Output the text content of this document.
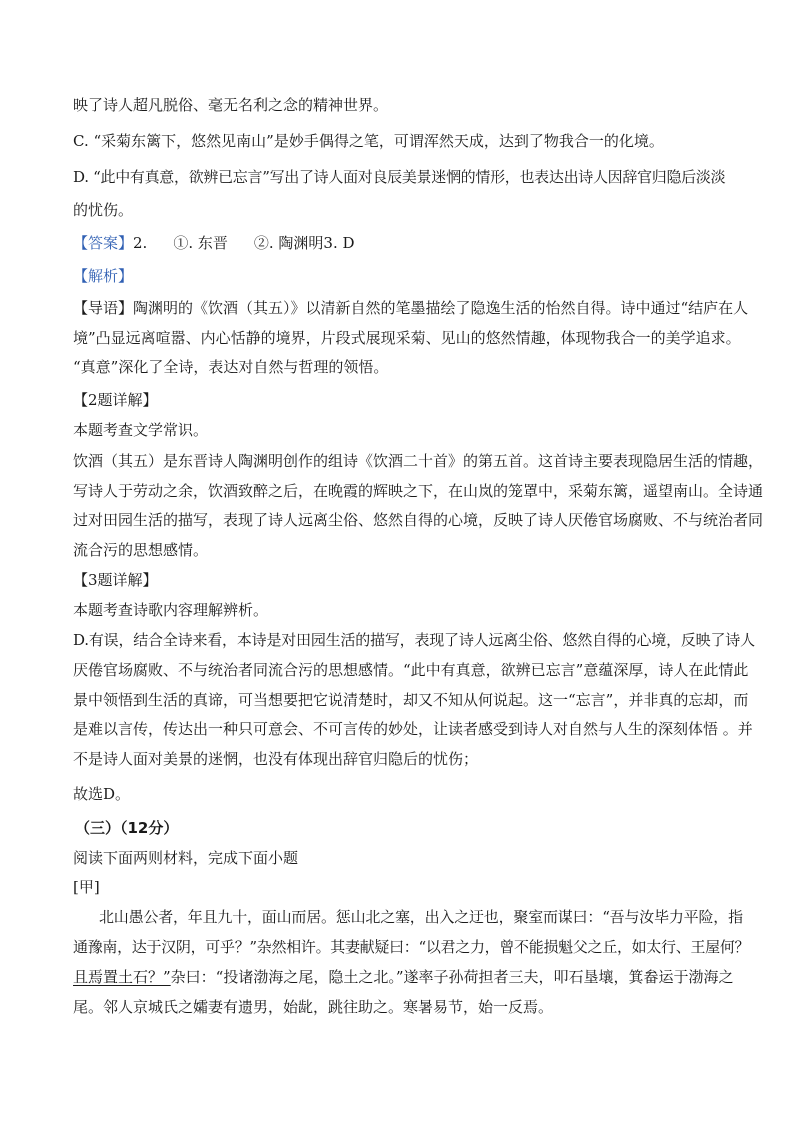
映了诗人超凡脱俗、毫无名利之念的精神世界。
C. “采菊东篱下，悠然见南山”是妙手偶得之笔，可谓浑然天成，达到了物我合一的化境。
D. “此中有真意，欲辨已忘言”写出了诗人面对良辰美景迷惘的情形，也表达出诗人因辞官归隐后淡淡
的忧伤。
【答案】2. ①. 东晋 ②. 陶渊明3. D
【解析】
【导语】陶渊明的《饮酒（其五）》以清新自然的笔墨描绘了隐逸生活的怡然自得。诗中通过“结庐在人
境”凸显远离喧嚣、内心恬静的境界，片段式展现采菊、见山的悠然情趣，体现物我合一的美学追求。
“真意”深化了全诗，表达对自然与哲理的领悟。
【2题详解】
本题考查文学常识。
饮酒（其五）是东晋诗人陶渊明创作的组诗《饮酒二十首》的第五首。这首诗主要表现隐居生活的情趣，
写诗人于劳动之余，饮酒致醉之后，在晚霞的辉映之下，在山岚的笼罩中，采菊东篱，遥望南山。全诗通
过对田园生活的描写，表现了诗人远离尘俗、悠然自得的心境，反映了诗人厌倦官场腐败、不与统治者同
流合污的思想感情。
【3题详解】
本题考查诗歌内容理解辨析。
D.有误，结合全诗来看，本诗是对田园生活的描写，表现了诗人远离尘俗、悠然自得的心境，反映了诗人
厌倦官场腐败、不与统治者同流合污的思想感情。“此中有真意，欲辨已忘言”意蕴深厚，诗人在此情此
景中领悟到生活的真谛，可当想要把它说清楚时，却又不知从何说起。这一“忘言”，并非真的忘却，而
是难以言传，传达出一种只可意会、不可言传的妙处，让读者感受到诗人对自然与人生的深刻体悟 。并
不是诗人面对美景的迷惘，也没有体现出辞官归隐后的忧伤；
故选D。
（三）（12分）
阅读下面两则材料，完成下面小题
[甲]
北山愚公者，年且九十，面山而居。惩山北之塞，出入之迂也，聚室而谋曰：“吾与汝毕力平险，指
通豫南，达于汉阴，可乎？”杂然相许。其妻献疑曰：“以君之力，曾不能损魁父之丘，如太行、王屋何？
且焉置土石？”杂曰：“投诸渤海之尾，隐土之北。”遂率子孙荷担者三夫，叩石垦壤，箕畚运于渤海之
尾。邻人京城氏之孀妻有遗男，始龀，跳往助之。寒暑易节，始一反焉。
